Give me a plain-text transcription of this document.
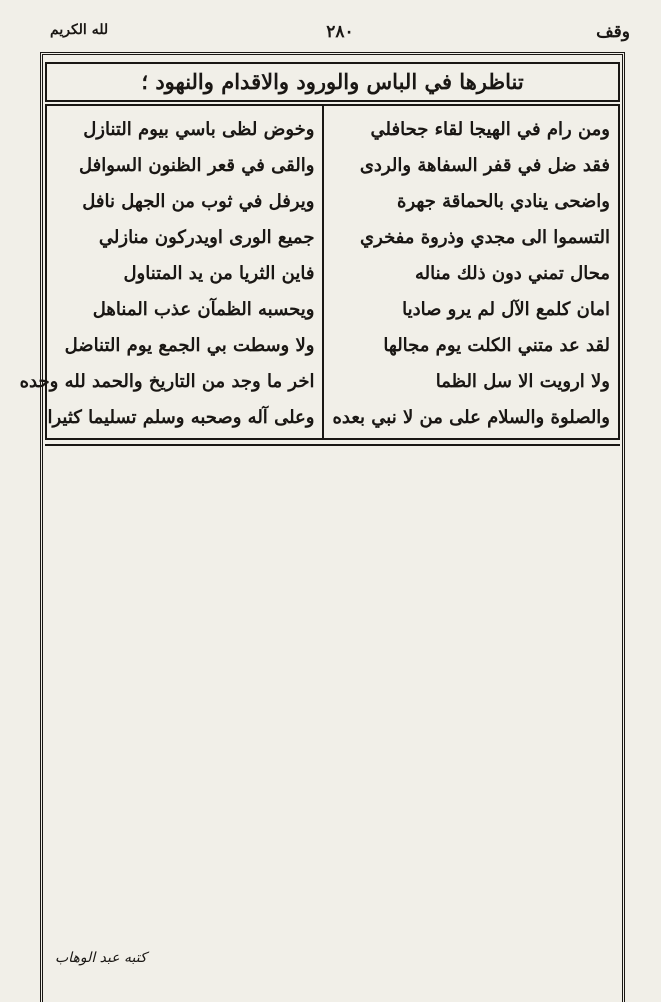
وقف
٢٨٠
لله الكريم
تناظرها في الباس والورود والاقدام والنهود ؛
ومن رام في الهيجا لقاء جحافلي
فقد ضل في قفر السفاهة والردى
واضحى ينادي بالحماقة جهرة
التسموا الى مجدي وذروة مفخري
محال تمني دون ذلك مناله
امان كلمع الآل لم يرو صاديا
لقد عد متني الكلت يوم مجالها
ولا ارويت الا سل الظما
والصلوة والسلام على من لا نبي بعده
وخوض لظى باسي بيوم التنازل
والقى في قعر الظنون السوافل
ويرفل في ثوب من الجهل نافل
جميع الورى اويدركون منازلي
فاين الثريا من يد المتناول
ويحسبه الظمآن عذب المناهل
ولا وسطت بي الجمع يوم التناضل
اخر ما وجد من التاريخ والحمد لله وحده
وعلى آله وصحبه وسلم تسليما كثيرا
كتبه عبد الوهاب
